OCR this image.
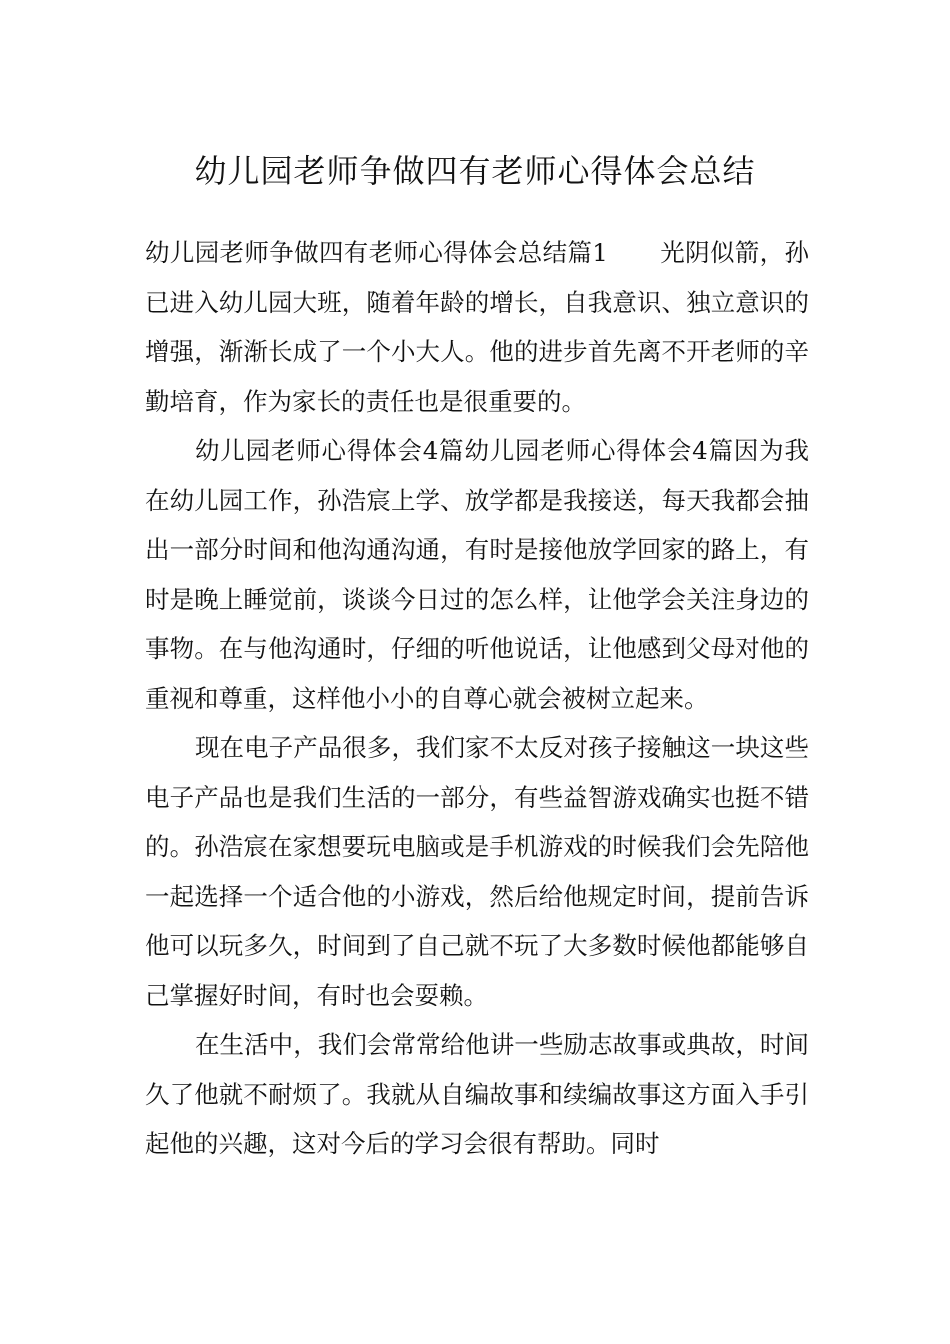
幼儿园老师争做四有老师心得体会总结

幼儿园老师争做四有老师心得体会总结篇1 光阴似箭，孙已进入幼儿园大班，随着年龄的增长，自我意识、独立意识的增强，渐渐长成了一个小大人。他的进步首先离不开老师的辛勤培育，作为家长的责任也是很重要的。

幼儿园老师心得体会4篇幼儿园老师心得体会4篇因为我在幼儿园工作，孙浩宸上学、放学都是我接送，每天我都会抽出一部分时间和他沟通沟通，有时是接他放学回家的路上，有时是晚上睡觉前，谈谈今日过的怎么样，让他学会关注身边的事物。在与他沟通时，仔细的听他说话，让他感到父母对他的重视和尊重，这样他小小的自尊心就会被树立起来。

现在电子产品很多，我们家不太反对孩子接触这一块这些电子产品也是我们生活的一部分，有些益智游戏确实也挺不错的。孙浩宸在家想要玩电脑或是手机游戏的时候我们会先陪他一起选择一个适合他的小游戏，然后给他规定时间，提前告诉他可以玩多久，时间到了自己就不玩了大多数时候他都能够自己掌握好时间，有时也会耍赖。

在生活中，我们会常常给他讲一些励志故事或典故，时间久了他就不耐烦了。我就从自编故事和续编故事这方面入手引起他的兴趣，这对今后的学习会很有帮助。同时
